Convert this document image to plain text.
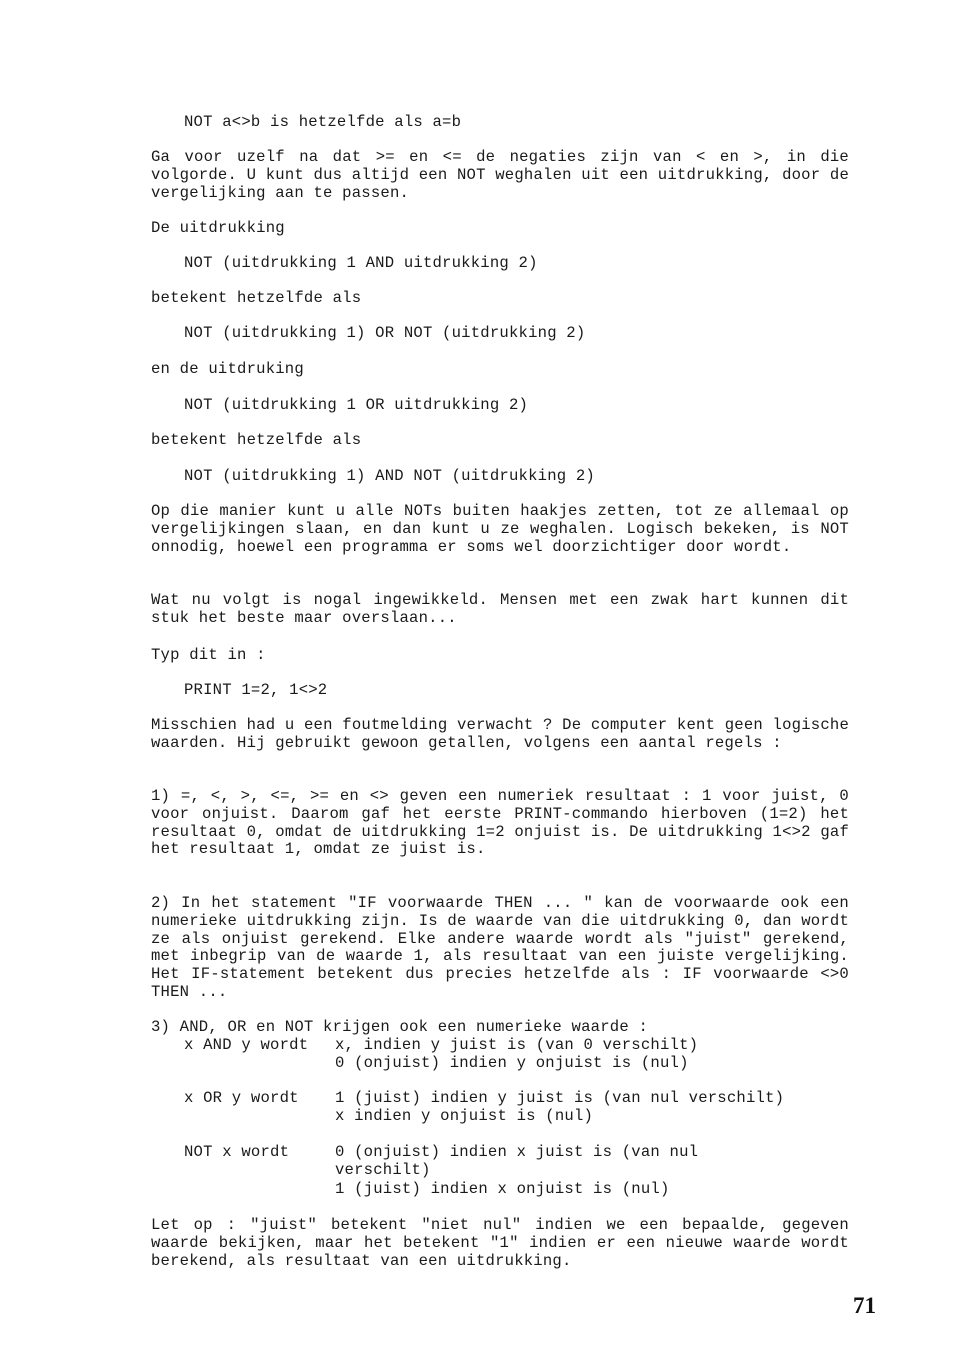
NOT a<>b is hetzelfde als a=b
Ga voor uzelf na dat >= en <= de negaties zijn van < en >, in die volgorde. U kunt dus altijd een NOT weghalen uit een uitdrukking, door de vergelijking aan te passen.
De uitdrukking
NOT (uitdrukking 1 AND uitdrukking 2)
betekent hetzelfde als
NOT (uitdrukking 1) OR NOT (uitdrukking 2)
en de uitdruking
NOT (uitdrukking 1 OR uitdrukking 2)
betekent hetzelfde als
NOT (uitdrukking 1) AND NOT (uitdrukking 2)
Op die manier kunt u alle NOTs buiten haakjes zetten, tot ze allemaal op vergelijkingen slaan, en dan kunt u ze weghalen. Logisch bekeken, is NOT onnodig, hoewel een programma er soms wel doorzichtiger door wordt.
Wat nu volgt is nogal ingewikkeld. Mensen met een zwak hart kunnen dit stuk het beste maar overslaan...
Typ dit in :
PRINT 1=2, 1<>2
Misschien had u een foutmelding verwacht ? De computer kent geen logische waarden. Hij gebruikt gewoon getallen, volgens een aantal regels :
1) =, <, >, <=, >= en <> geven een numeriek resultaat : 1 voor juist, 0 voor onjuist. Daarom gaf het eerste PRINT-commando hierboven (1=2) het resultaat 0, omdat de uitdrukking 1=2 onjuist is. De uitdrukking 1<>2 gaf het resultaat 1, omdat ze juist is.
2) In het statement "IF voorwaarde THEN ... " kan de voorwaarde ook een numerieke uitdrukking zijn. Is de waarde van die uitdrukking 0, dan wordt ze als onjuist gerekend. Elke andere waarde wordt als "juist" gerekend, met inbegrip van de waarde 1, als resultaat van een juiste vergelijking. Het IF-statement betekent dus precies hetzelfde als : IF voorwaarde <>0 THEN ...
3) AND, OR en NOT krijgen ook een numerieke waarde :
x AND y wordt x, indien y juist is (van 0 verschilt)
0 (onjuist) indien y onjuist is (nul)
x OR y wordt 1 (juist) indien y juist is (van nul verschilt)
x indien y onjuist is (nul)
NOT x wordt	0 (onjuist) indien x juist is (van nul
verschilt)
1 (juist) indien x onjuist is (nul)
Let op : "juist" betekent "niet nul" indien we een bepaalde, gegeven waarde bekijken, maar het betekent "1" indien er een nieuwe waarde wordt berekend, als resultaat van een uitdrukking.
71
